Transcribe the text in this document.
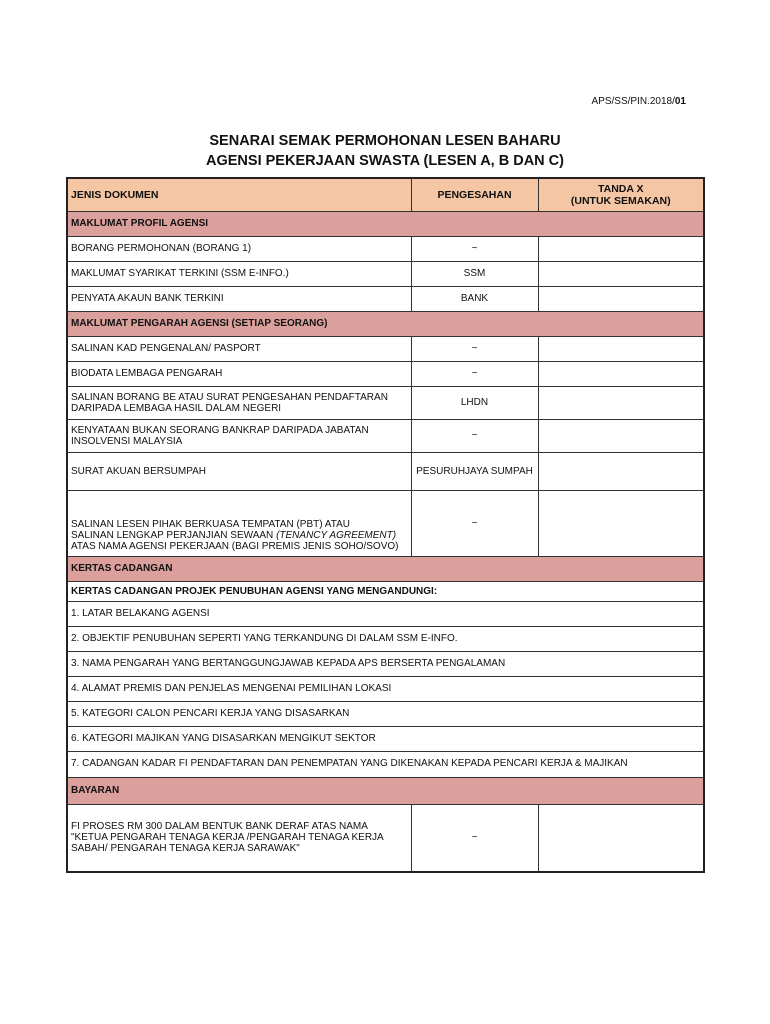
APS/SS/PIN.2018/01
SENARAI SEMAK PERMOHONAN LESEN BAHARU
AGENSI PEKERJAAN SWASTA (LESEN A, B DAN C)
JENIS DOKUMEN	PENGESAHAN	TANDA X
(UNTUK SEMAKAN)
MAKLUMAT PROFIL AGENSI		
BORANG PERMOHONAN (BORANG 1)	~	
MAKLUMAT SYARIKAT TERKINI (SSM E-INFO.)	SSM	
PENYATA AKAUN BANK TERKINI	BANK	
MAKLUMAT PENGARAH AGENSI (SETIAP SEORANG)		
SALINAN KAD PENGENALAN/ PASPORT	~	
BIODATA LEMBAGA PENGARAH	~	
SALINAN BORANG BE ATAU SURAT PENGESAHAN PENDAFTARAN
DARIPADA LEMBAGA HASIL DALAM NEGERI	LHDN	
KENYATAAN BUKAN SEORANG BANKRAP DARIPADA JABATAN
INSOLVENSI MALAYSIA	~	
SURAT AKUAN BERSUMPAH	PESURUHJAYA SUMPAH	
SALINAN LESEN PIHAK BERKUASA TEMPATAN (PBT) ATAU
SALINAN LENGKAP PERJANJIAN SEWAAN (TENANCY AGREEMENT)
ATAS NAMA AGENSI PEKERJAAN (BAGI PREMIS JENIS SOHO/SOVO)	~	
KERTAS CADANGAN		
KERTAS CADANGAN PROJEK PENUBUHAN AGENSI YANG MENGANDUNGI:		
1. LATAR BELAKANG AGENSI		
2. OBJEKTIF PENUBUHAN SEPERTI YANG TERKANDUNG DI DALAM SSM E-INFO.		
3. NAMA PENGARAH YANG BERTANGGUNGJAWAB KEPADA APS BERSERTA PENGALAMAN		
4. ALAMAT PREMIS DAN PENJELAS MENGENAI PEMILIHAN LOKASI		
5. KATEGORI CALON PENCARI KERJA YANG DISASARKAN		
6. KATEGORI MAJIKAN YANG DISASARKAN MENGIKUT SEKTOR		
7. CADANGAN KADAR FI PENDAFTARAN DAN PENEMPATAN YANG DIKENAKAN KEPADA PENCARI KERJA & MAJIKAN		
BAYARAN		
FI PROSES RM 300 DALAM BENTUK BANK DERAF ATAS NAMA
"KETUA PENGARAH TENAGA KERJA /PENGARAH TENAGA KERJA
SABAH/ PENGARAH TENAGA KERJA SARAWAK"	~	
